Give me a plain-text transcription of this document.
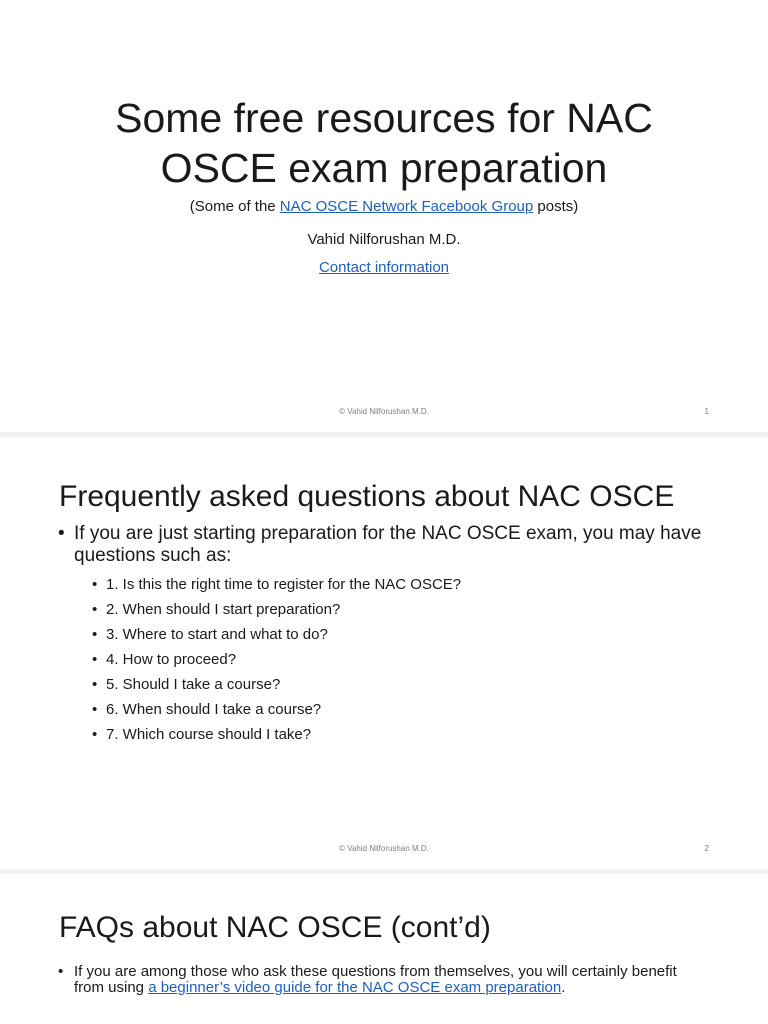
Some free resources for NAC
OSCE exam preparation

(Some of the NAC OSCE Network Facebook Group posts)

Vahid Nilforushan M.D.

Contact information

© Vahid Nilforushan M.D.	1
Frequently asked questions about NAC OSCE
• If you are just starting preparation for the NAC OSCE exam, you may have questions such as:
• 1. Is this the right time to register for the NAC OSCE?
• 2. When should I start preparation?
• 3. Where to start and what to do?
• 4. How to proceed?
• 5. Should I take a course?
• 6. When should I take a course?
• 7. Which course should I take?
© Vahid Nilforushan M.D.	2
FAQs about NAC OSCE (cont’d)
• If you are among those who ask these questions from themselves, you will certainly benefit from using a beginner’s video guide for the NAC OSCE exam preparation.
